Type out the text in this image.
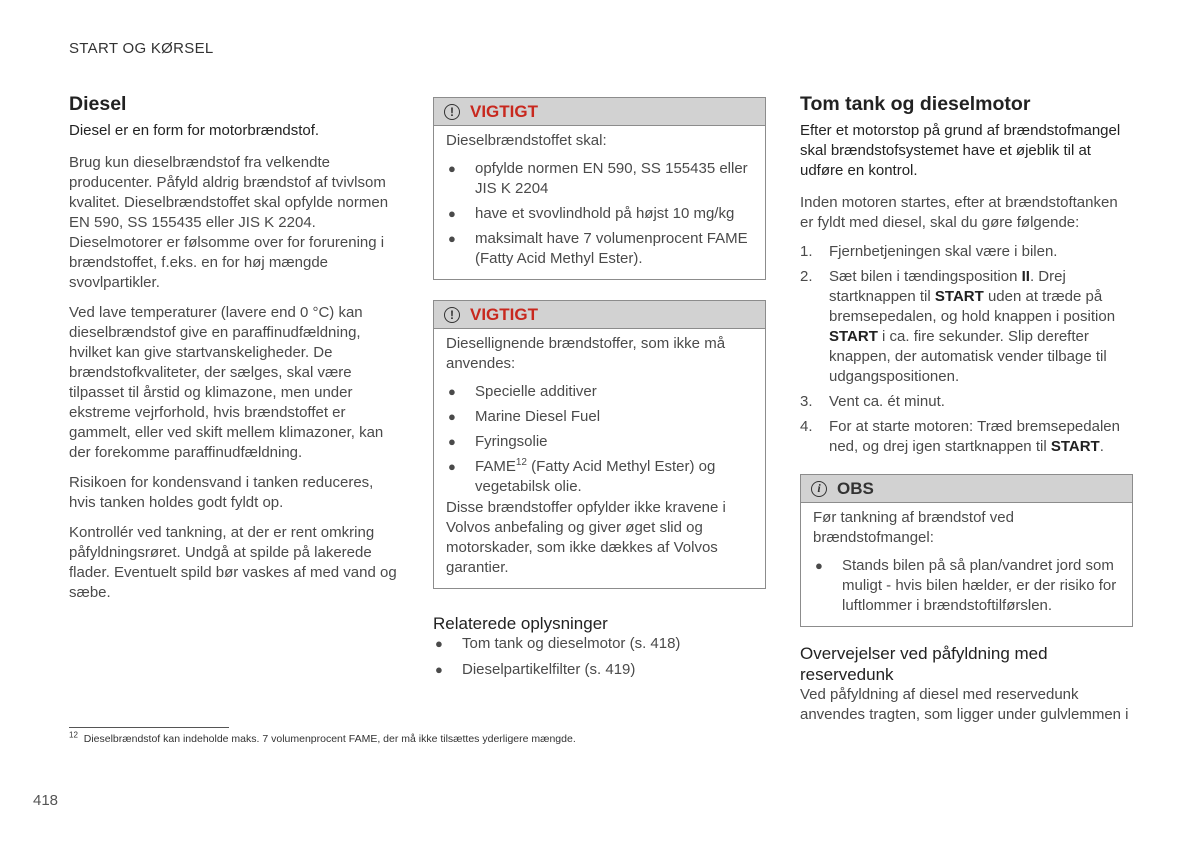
START OG KØRSEL
Diesel

Diesel er en form for motorbrændstof.

Brug kun dieselbrændstof fra velkendte producenter. Påfyld aldrig brændstof af tvivlsom kvalitet. Dieselbrændstoffet skal opfylde normen EN 590, SS 155435 eller JIS K 2204. Dieselmotorer er følsomme over for forurening i brændstoffet, f.eks. en for høj mængde svovlpartikler.

Ved lave temperaturer (lavere end 0 °C) kan dieselbrændstof give en paraffinudfældning, hvilket kan give startvanskeligheder. De brændstofkvaliteter, der sælges, skal være tilpasset til årstid og klimazone, men under ekstreme vejrforhold, hvis brændstoffet er gammelt, eller ved skift mellem klimazoner, kan der forekomme paraffinudfældning.

Risikoen for kondensvand i tanken reduceres, hvis tanken holdes godt fyldt op.

Kontrollér ved tankning, at der er rent omkring påfyldningsrøret. Undgå at spilde på lakerede flader. Eventuelt spild bør vaskes af med vand og sæbe.

! VIGTIGT

Dieselbrændstoffet skal:

● opfylde normen EN 590, SS 155435 eller JIS K 2204
● have et svovlindhold på højst 10 mg/kg
● maksimalt have 7 volumenprocent FAME (Fatty Acid Methyl Ester).
! VIGTIGT

Diesellignende brændstoffer, som ikke må anvendes:

● Specielle additiver
● Marine Diesel Fuel
● Fyringsolie
● FAME$^{12}$ (Fatty Acid Methyl Ester) og vegetabilsk olie.

Disse brændstoffer opfylder ikke kravene i Volvos anbefaling og giver øget slid og motorskader, som ikke dækkes af Volvos garantier.

Relaterede oplysninger
● Tom tank og dieselmotor (s. 418)
● Dieselpartikelfilter (s. 419)
Tom tank og dieselmotor

Efter et motorstop på grund af brændstofmangel skal brændstofsystemet have et øjeblik til at udføre en kontrol.

Inden motoren startes, efter at brændstoftanken er fyldt med diesel, skal du gøre følgende:

1. Fjernbetjeningen skal være i bilen.
2. Sæt bilen i tændingsposition II. Drej startknappen til START uden at træde på bremsepedalen, og hold knappen i position START i ca. fire sekunder. Slip derefter knappen, der automatisk vender tilbage til udgangspositionen.
3. Vent ca. ét minut.
4. For at starte motoren: Træd bremsepedalen ned, og drej igen startknappen til START.
i OBS

Før tankning af brændstof ved brændstofmangel:

● Stands bilen på så plan/vandret jord som muligt - hvis bilen hælder, er der risiko for luftlommer i brændstoftilførslen.
Overvejelser ved påfyldning med reservedunk

Ved påfyldning af diesel med reservedunk anvendes tragten, som ligger under gulvlemmen i

$^{12}$ Dieselbrændstof kan indeholde maks. 7 volumenprocent FAME, der må ikke tilsættes yderligere mængde.
418
